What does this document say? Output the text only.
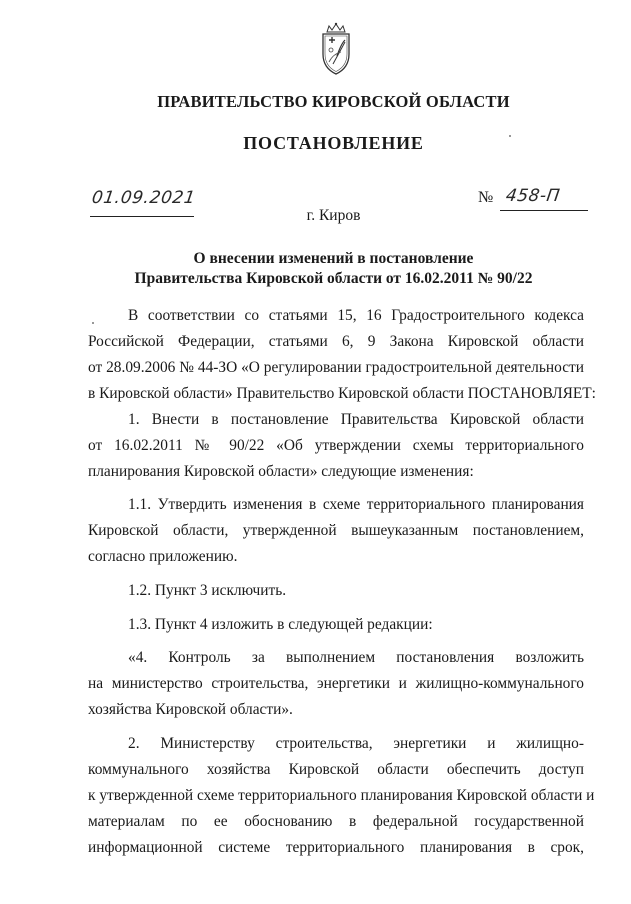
ПРАВИТЕЛЬСТВО КИРОВСКОЙ ОБЛАСТИ
ПОСТАНОВЛЕНИЕ
01.09.2021	№ 458-П
г. Киров
О внесении изменений в постановление
Правительства Кировской области от 16.02.2011 № 90/22

В соответствии со статьями 15, 16 Градостроительного кодекса
Российской Федерации, статьями 6, 9 Закона Кировской области
от 28.09.2006 № 44-ЗО «О регулировании градостроительной деятельности
в Кировской области» Правительство Кировской области ПОСТАНОВЛЯЕТ:

1. Внести в постановление Правительства Кировской области
от 16.02.2011 № 90/22 «Об утверждении схемы территориального
планирования Кировской области» следующие изменения:

1.1. Утвердить изменения в схеме территориального планирования
Кировской области, утвержденной вышеуказанным постановлением,
согласно приложению.

1.2. Пункт 3 исключить.

1.3. Пункт 4 изложить в следующей редакции:

«4. Контроль за выполнением постановления возложить
на министерство строительства, энергетики и жилищно-коммунального
хозяйства Кировской области».

2. Министерству строительства, энергетики и жилищно-
коммунального хозяйства Кировской области обеспечить доступ
к утвержденной схеме территориального планирования Кировской области и
материалам по ее обоснованию в федеральной государственной
информационной системе территориального планирования в срок,
